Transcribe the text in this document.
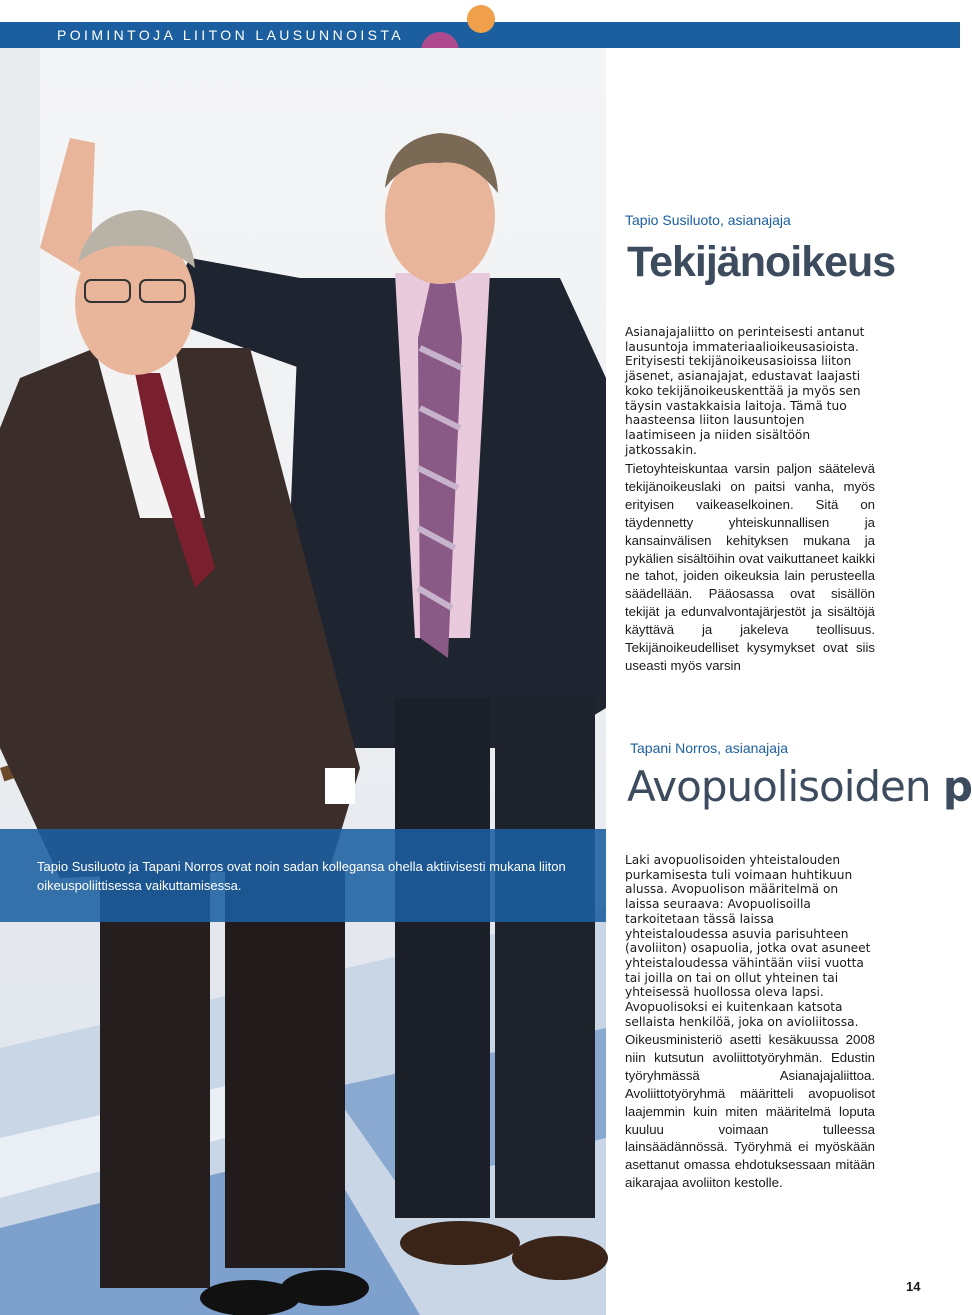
POIMINTOJA LIITON LAUSUNNOISTA
Tapio Susiluoto ja Tapani Norros ovat noin sadan kollegansa ohella aktiivisesti mukana liiton oikeuspoliittisessa vaikuttamisessa.
Tapio Susiluoto, asianajaja
Tekijänoikeus
Asianajajaliitto on perinteisesti antanut lausuntoja immateriaalioikeusasioista. Erityisesti tekijänoikeusasioissa liiton jäsenet, asianajajat, edustavat laajasti koko tekijänoikeuskenttää ja myös sen täysin vastakkaisia laitoja. Tämä tuo haasteensa liiton lausuntojen laatimiseen ja niiden sisältöön jatkossakin.
Tietoyhteiskuntaa varsin paljon säätelevä tekijänoikeuslaki on paitsi vanha, myös erityisen vaikeaselkoinen. Sitä on täydennetty yhteiskunnallisen ja kansainvälisen kehityksen mukana ja pykälien sisältöihin ovat vaikuttaneet kaikki ne tahot, joiden oikeuksia lain perusteella säädellään. Pääosassa ovat sisällön tekijät ja edunvalvontajärjestöt ja sisältöjä käyttävä ja jakeleva teollisuus. Tekijänoikeudelliset kysymykset ovat siis useasti myös varsin
Tapani Norros, asianajaja
Avopuolisoiden p
Laki avopuolisoiden yhteistalouden purkamisesta tuli voimaan huhtikuun alussa. Avopuolison määritelmä on laissa seuraava: Avopuolisoilla tarkoitetaan tässä laissa yhteistaloudessa asuvia parisuhteen (avoliiton) osapuolia, jotka ovat asuneet yhteistaloudessa vähintään viisi vuotta tai joilla on tai on ollut yhteinen tai yhteisessä huollossa oleva lapsi. Avopuolisoksi ei kuitenkaan katsota sellaista henkilöä, joka on avioliitossa.
Oikeusministeriö asetti kesäkuussa 2008 niin kutsutun avoliittotyöryhmän. Edustin työryhmässä Asianajajaliittoa. Avoliittotyöryhmä määritteli avopuolisot laajemmin kuin miten määritelmä loputa kuuluu voimaan tulleessa lainsäädännössä. Työryhmä ei myöskään asettanut omassa ehdotuksessaan mitään aikarajaa avoliiton kestolle.
14
